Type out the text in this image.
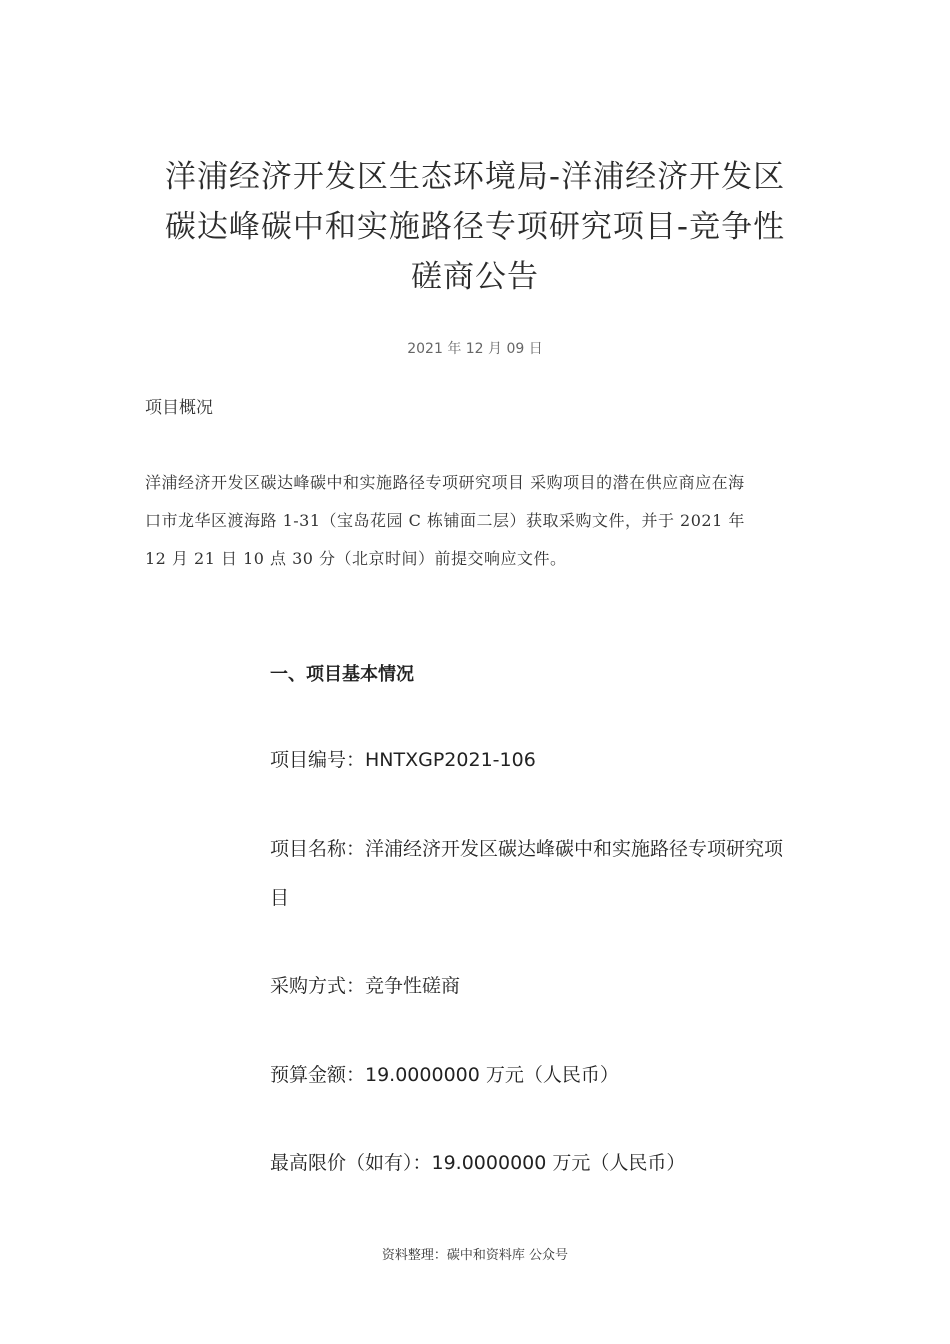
洋浦经济开发区生态环境局-洋浦经济开发区碳达峰碳中和实施路径专项研究项目-竞争性磋商公告
2021 年 12 月 09 日
项目概况
洋浦经济开发区碳达峰碳中和实施路径专项研究项目 采购项目的潜在供应商应在海口市龙华区渡海路 1-31（宝岛花园 C 栋铺面二层）获取采购文件，并于 2021 年 12 月 21 日 10 点 30 分（北京时间）前提交响应文件。
一、项目基本情况
项目编号：HNTXGP2021-106
项目名称：洋浦经济开发区碳达峰碳中和实施路径专项研究项目
采购方式：竞争性磋商
预算金额：19.0000000 万元（人民币）
最高限价（如有）：19.0000000 万元（人民币）
资料整理：碳中和资料库 公众号
